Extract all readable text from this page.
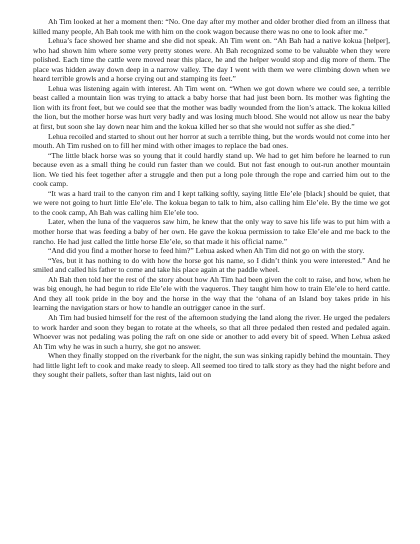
Ah Tim looked at her a moment then: “No. One day after my mother and older brother died from an illness that killed many people, Ah Bah took me with him on the cook wagon because there was no one to look after me.”

Lehua’s face showed her shame and she did not speak. Ah Tim went on. “Ah Bah had a native kokua [helper], who had shown him where some very pretty stones were. Ah Bah recognized some to be valuable when they were polished. Each time the cattle were moved near this place, he and the helper would stop and dig more of them. The place was hidden away down deep in a narrow valley. The day I went with them we were climbing down when we heard terrible growls and a horse crying out and stamping its feet.”

Lehua was listening again with interest. Ah Tim went on. “When we got down where we could see, a terrible beast called a mountain lion was trying to attack a baby horse that had just been born. Its mother was fighting the lion with its front feet, but we could see that the mother was badly wounded from the lion’s attack. The kokua killed the lion, but the mother horse was hurt very badly and was losing much blood. She would not allow us near the baby at first, but soon she lay down near him and the kokua killed her so that she would not suffer as she died.”

Lehua recoiled and started to shout out her horror at such a terrible thing, but the words would not come into her mouth. Ah Tim rushed on to fill her mind with other images to replace the bad ones.

“The little black horse was so young that it could hardly stand up. We had to get him before he learned to run because even as a small thing he could run faster than we could. But not fast enough to out-run another mountain lion. We tied his feet together after a struggle and then put a long pole through the rope and carried him out to the cook camp.

“It was a hard trail to the canyon rim and I kept talking softly, saying little Ele’ele [black] should be quiet, that we were not going to hurt little Ele’ele. The kokua began to talk to him, also calling him Ele’ele. By the time we got to the cook camp, Ah Bah was calling him Ele’ele too.

Later, when the luna of the vaqueros saw him, he knew that the only way to save his life was to put him with a mother horse that was feeding a baby of her own. He gave the kokua permission to take Ele’ele and me back to the rancho. He had just called the little horse Ele’ele, so that made it his official name.”

“And did you find a mother horse to feed him?” Lehua asked when Ah Tim did not go on with the story.

“Yes, but it has nothing to do with how the horse got his name, so I didn’t think you were interested.” And he smiled and called his father to come and take his place again at the paddle wheel.

Ah Bah then told her the rest of the story about how Ah Tim had been given the colt to raise, and how, when he was big enough, he had begun to ride Ele’ele with the vaqueros. They taught him how to train Ele’ele to herd cattle. And they all took pride in the boy and the horse in the way that the ‘ohana of an Island boy takes pride in his learning the navigation stars or how to handle an outrigger canoe in the surf.

Ah Tim had busied himself for the rest of the afternoon studying the land along the river. He urged the pedalers to work harder and soon they began to rotate at the wheels, so that all three pedaled then rested and pedaled again. Whoever was not pedaling was poling the raft on one side or another to add every bit of speed. When Lehua asked Ah Tim why he was in such a hurry, she got no answer.

When they finally stopped on the riverbank for the night, the sun was sinking rapidly behind the mountain. They had little light left to cook and make ready to sleep. All seemed too tired to talk story as they had the night before and they sought their pallets, softer than last nights, laid out on
